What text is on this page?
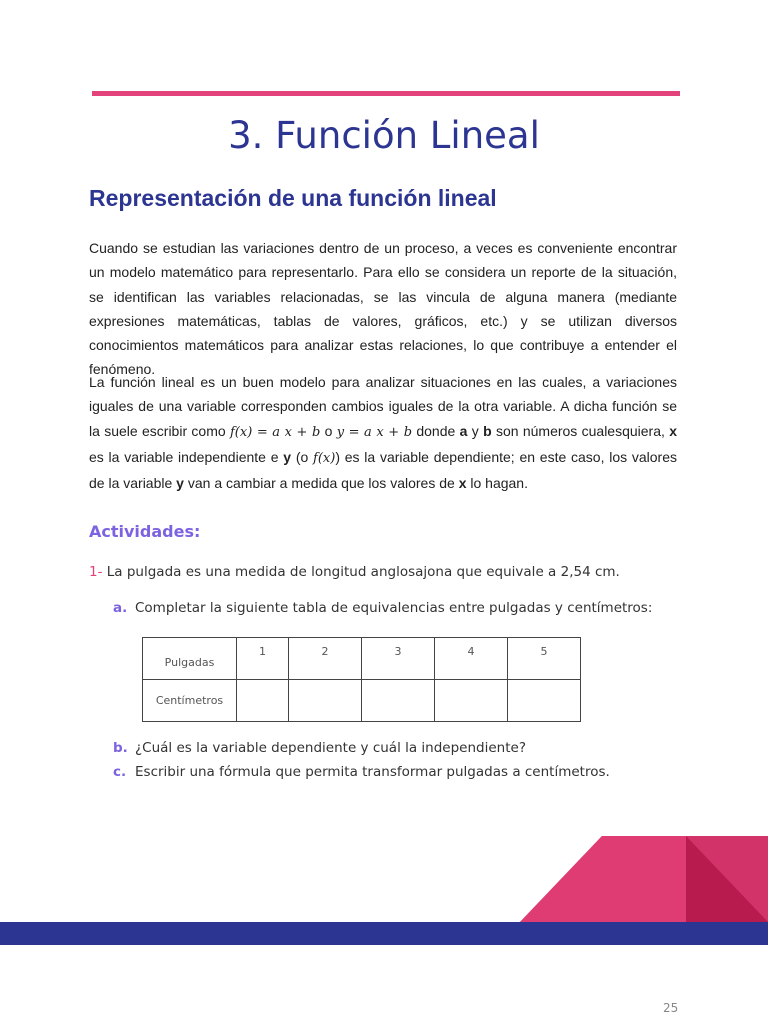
3. Función Lineal
Representación de una función lineal
Cuando se estudian las variaciones dentro de un proceso, a veces es conveniente encontrar un modelo matemático para representarlo. Para ello se considera un reporte de la situación, se identifican las variables relacionadas, se las vincula de alguna manera (mediante expresiones matemáticas, tablas de valores, gráficos, etc.) y se utilizan diversos conocimientos matemáticos para analizar estas relaciones, lo que contribuye a entender el fenómeno.
La función lineal es un buen modelo para analizar situaciones en las cuales, a variaciones iguales de una variable corresponden cambios iguales de la otra variable. A dicha función se la suele escribir como f(x) = a x + b o y = a x + b donde a y b son números cualesquiera, x es la variable independiente e y (o f(x)) es la variable dependiente; en este caso, los valores de la variable y van a cambiar a medida que los valores de x lo hagan.
Actividades:
1- La pulgada es una medida de longitud anglosajona que equivale a 2,54 cm.
a. Completar la siguiente tabla de equivalencias entre pulgadas y centímetros:
Pulgadas	1	2	3	4	5
Centímetros					
b. ¿Cuál es la variable dependiente y cuál la independiente?
c. Escribir una fórmula que permita transformar pulgadas a centímetros.
25
